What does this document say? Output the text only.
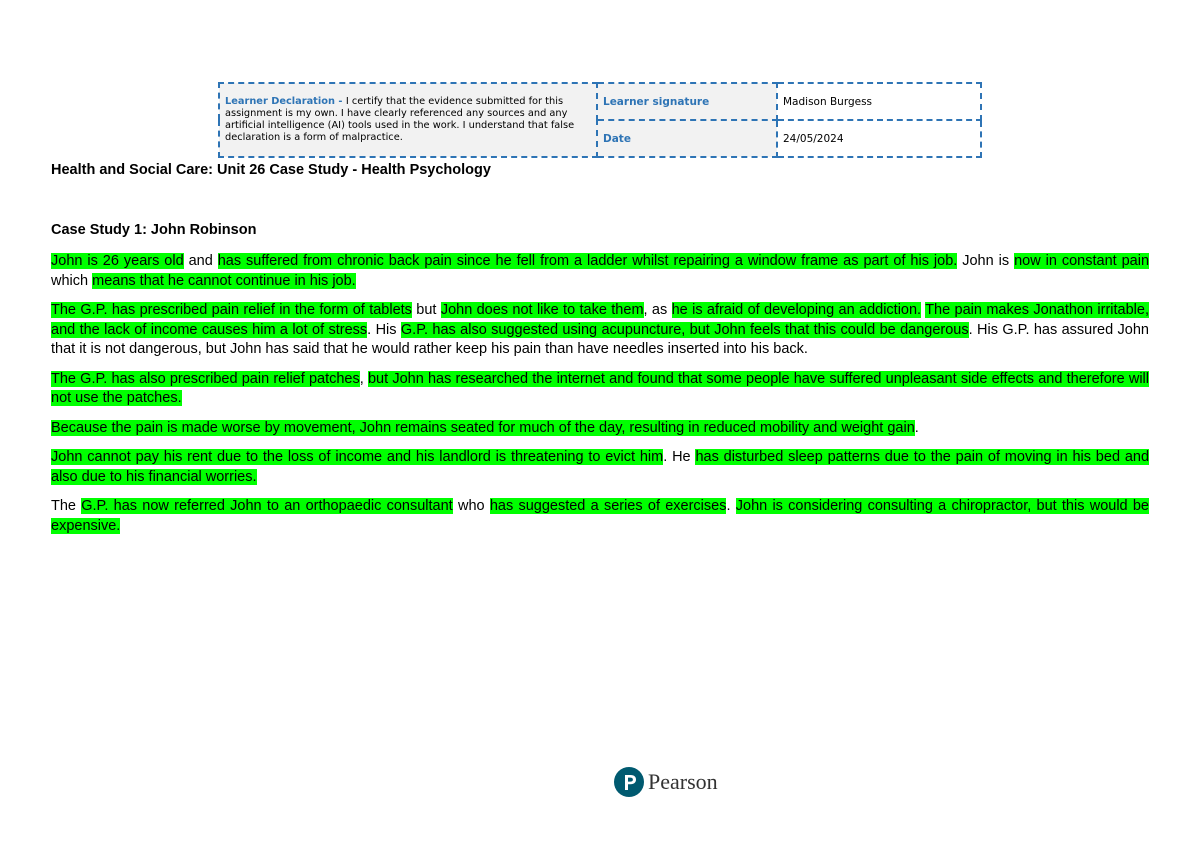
Learner Declaration - I certify that the evidence submitted for this assignment is my own. I have clearly referenced any sources and any artificial intelligence (AI) tools used in the work. I understand that false declaration is a form of malpractice.	Learner signature	Madison Burgess
	Date	24/05/2024
Health and Social Care: Unit 26 Case Study - Health Psychology
Case Study 1: John Robinson

John is 26 years old and has suffered from chronic back pain since he fell from a ladder whilst repairing a window frame as part of his job. John is now in constant pain which means that he cannot continue in his job.

The G.P. has prescribed pain relief in the form of tablets but John does not like to take them, as he is afraid of developing an addiction. The pain makes Jonathon irritable, and the lack of income causes him a lot of stress. His G.P. has also suggested using acupuncture, but John feels that this could be dangerous. His G.P. has assured John that it is not dangerous, but John has said that he would rather keep his pain than have needles inserted into his back.

The G.P. has also prescribed pain relief patches, but John has researched the internet and found that some people have suffered unpleasant side effects and therefore will not use the patches.

Because the pain is made worse by movement, John remains seated for much of the day, resulting in reduced mobility and weight gain.

John cannot pay his rent due to the loss of income and his landlord is threatening to evict him. He has disturbed sleep patterns due to the pain of moving in his bed and also due to his financial worries.

The G.P. has now referred John to an orthopaedic consultant who has suggested a series of exercises. John is considering consulting a chiropractor, but this would be expensive.

Pearson
